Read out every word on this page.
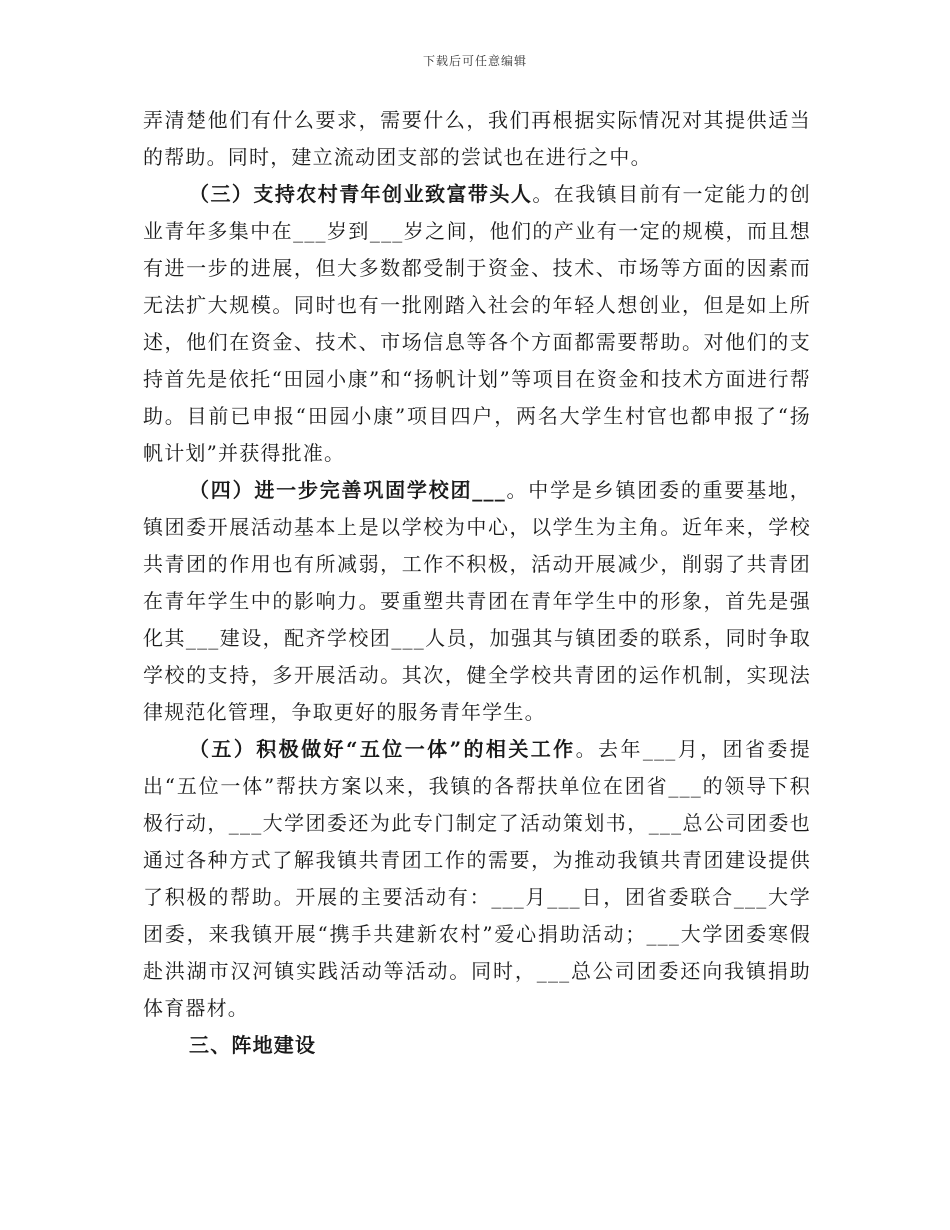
下载后可任意编辑

弄清楚他们有什么要求，需要什么，我们再根据实际情况对其提供适当的帮助。同时，建立流动团支部的尝试也在进行之中。

（三）支持农村青年创业致富带头人。在我镇目前有一定能力的创业青年多集中在___岁到___岁之间，他们的产业有一定的规模，而且想有进一步的进展，但大多数都受制于资金、技术、市场等方面的因素而无法扩大规模。同时也有一批刚踏入社会的年轻人想创业，但是如上所述，他们在资金、技术、市场信息等各个方面都需要帮助。对他们的支持首先是依托“田园小康”和“扬帆计划”等项目在资金和技术方面进行帮助。目前已申报“田园小康”项目四户，两名大学生村官也都申报了“扬帆计划”并获得批准。

（四）进一步完善巩固学校团___。中学是乡镇团委的重要基地，镇团委开展活动基本上是以学校为中心，以学生为主角。近年来，学校共青团的作用也有所减弱，工作不积极，活动开展减少，削弱了共青团在青年学生中的影响力。要重塑共青团在青年学生中的形象，首先是强化其___建设，配齐学校团___人员，加强其与镇团委的联系，同时争取学校的支持，多开展活动。其次，健全学校共青团的运作机制，实现法律规范化管理，争取更好的服务青年学生。

（五）积极做好“五位一体”的相关工作。去年___月，团省委提出“五位一体”帮扶方案以来，我镇的各帮扶单位在团省___的领导下积极行动，___大学团委还为此专门制定了活动策划书，___总公司团委也通过各种方式了解我镇共青团工作的需要，为推动我镇共青团建设提供了积极的帮助。开展的主要活动有：___月___日，团省委联合___大学团委，来我镇开展“携手共建新农村”爱心捐助活动；___大学团委寒假赴洪湖市汉河镇实践活动等活动。同时，___总公司团委还向我镇捐助体育器材。

三、阵地建设
